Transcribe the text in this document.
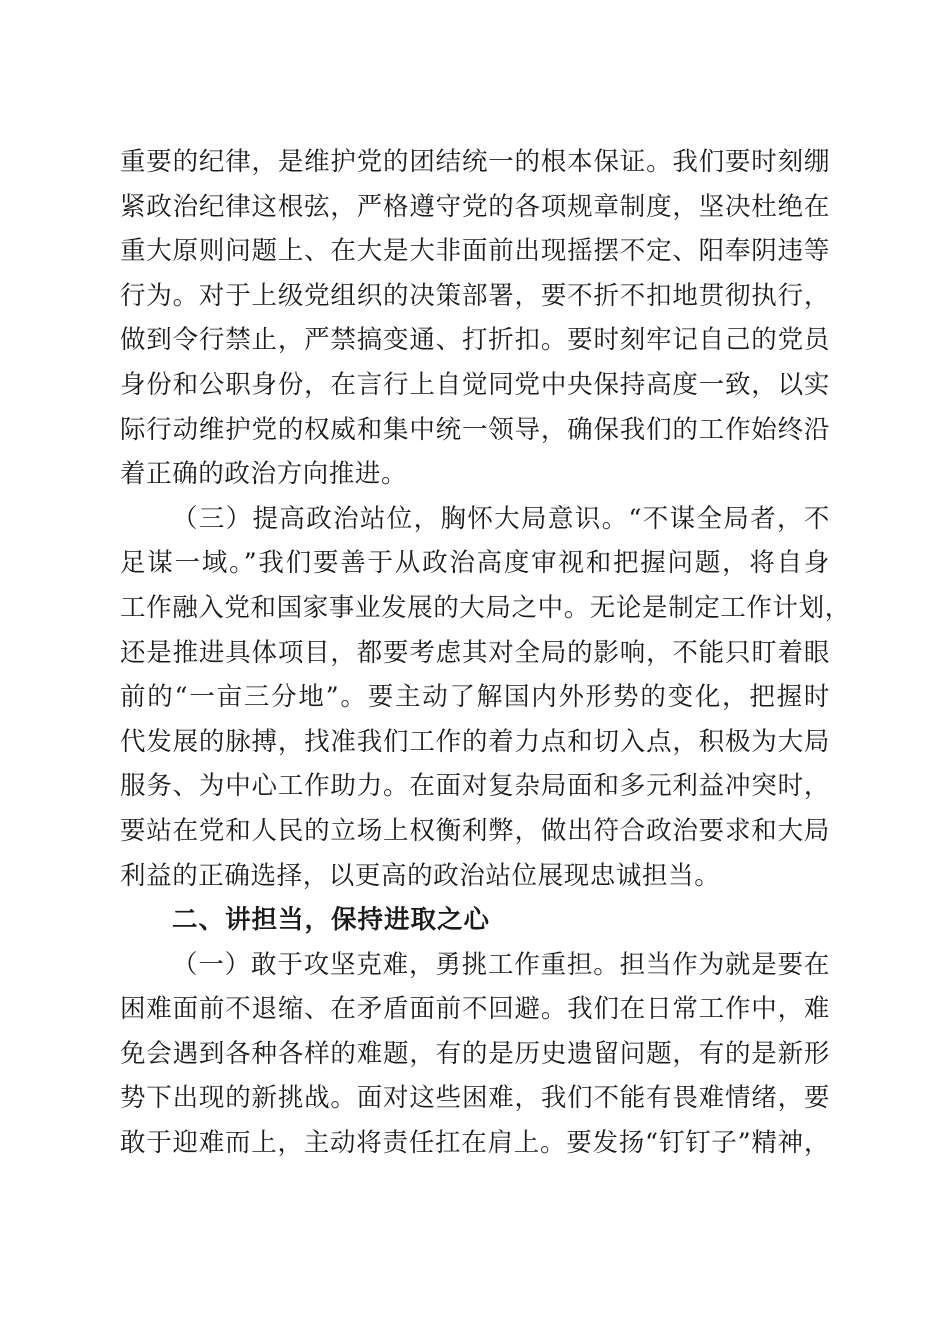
重要的纪律，是维护党的团结统一的根本保证。我们要时刻绷
紧政治纪律这根弦，严格遵守党的各项规章制度，坚决杜绝在
重大原则问题上、在大是大非面前出现摇摆不定、阳奉阴违等
行为。对于上级党组织的决策部署，要不折不扣地贯彻执行，
做到令行禁止，严禁搞变通、打折扣。要时刻牢记自己的党员
身份和公职身份，在言行上自觉同党中央保持高度一致，以实
际行动维护党的权威和集中统一领导，确保我们的工作始终沿
着正确的政治方向推进。
（三）提高政治站位，胸怀大局意识。“不谋全局者，不
足谋一域。”我们要善于从政治高度审视和把握问题，将自身
工作融入党和国家事业发展的大局之中。无论是制定工作计划，
还是推进具体项目，都要考虑其对全局的影响，不能只盯着眼
前的“一亩三分地”。要主动了解国内外形势的变化，把握时
代发展的脉搏，找准我们工作的着力点和切入点，积极为大局
服务、为中心工作助力。在面对复杂局面和多元利益冲突时，
要站在党和人民的立场上权衡利弊，做出符合政治要求和大局
利益的正确选择，以更高的政治站位展现忠诚担当。
二、讲担当，保持进取之心
（一）敢于攻坚克难，勇挑工作重担。担当作为就是要在
困难面前不退缩、在矛盾面前不回避。我们在日常工作中，难
免会遇到各种各样的难题，有的是历史遗留问题，有的是新形
势下出现的新挑战。面对这些困难，我们不能有畏难情绪，要
敢于迎难而上，主动将责任扛在肩上。要发扬“钉钉子”精神，
